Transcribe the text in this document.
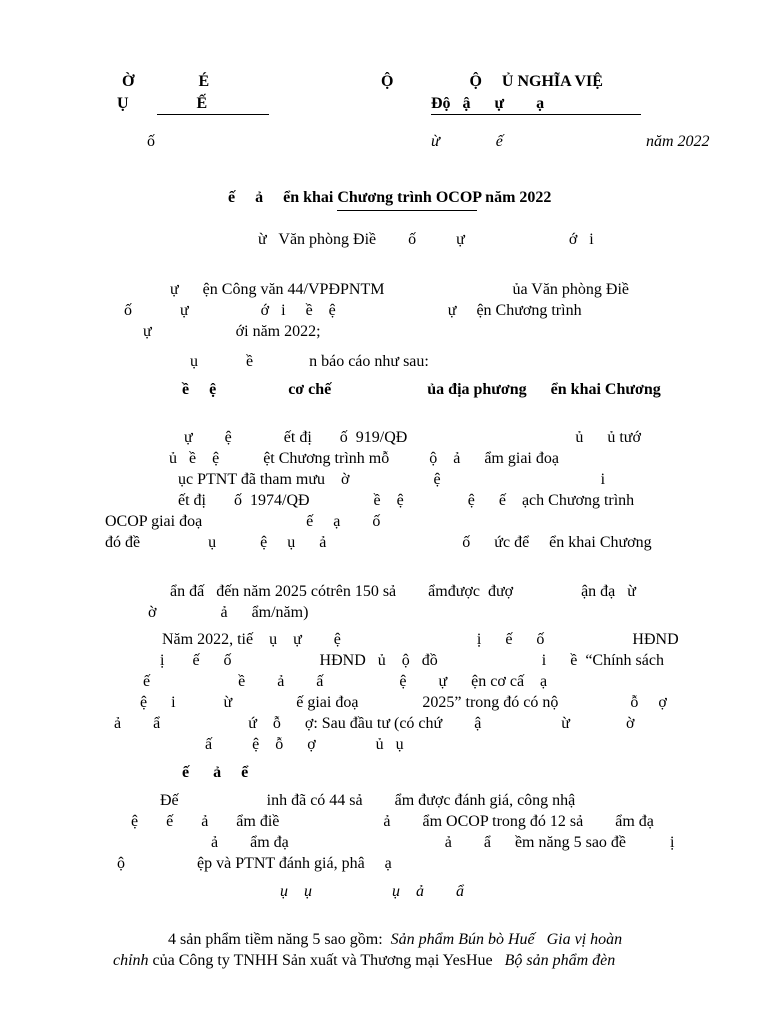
Ờ                É
Ụ                 Ế
Ộ                   Ộ     Ủ NGHĨA VIỆ
Độ   ậ      ự        ạ
ố	ừ              ế	năm 2022
ế     ả     ển khai Chương trình OCOP năm 2022
ừ   Văn phòng Điề        ố          ự                          ớ   i
ự      ện Công văn 44/VPĐPNTM                                ủa Văn phòng Điề
ố            ự                  ớ   i     ề    ệ                            ự     ện Chương trình
ự                     ới năm 2022;
ụ            ề              n báo cáo như sau:
ề     ệ                  cơ chế                        ủa địa phương      ển khai Chương
ự        ệ             ết đị       ố  919/QĐ                                          ủ      ủ tướ
ủ   ề    ệ           ệt Chương trình mỗ          ộ    ả      ẩm giai đoạ
ục PTNT đã tham mưu    ờ                     ệ                                        i
ết đị       ố  1974/QĐ                ề    ệ                ệ      ế    ạch Chương trình
OCOP giai đoạ                          ế     ạ        ố
đó đề                 ụ           ệ     ụ      ả                                  ố      ức để     ển khai Chương
ẩn đấ   đến năm 2025 cótrên 150 sả        ẩmđược  đượ                 ận đạ   ừ
ờ                ả      ẩm/năm)
Năm 2022, tiế    ụ    ự        ệ                                  ị      ế      ố                      HĐND
ị       ế      ố                      HĐND   ủ    ộ   đồ                          i      ề  “Chính sách
ế                      ề        ả        ấ                   ệ        ự      ện cơ cấ    ạ
ệ      i            ừ                ế giai đoạ                2025” trong đó có nộ                  ỗ     ợ
ả        ẩ                      ứ    ỗ      ợ: Sau đầu tư (có chứ        ậ                    ừ              ờ
ấ          ệ    ỗ      ợ               ủ   ụ
ế      ả     ể
Đế                      inh đã có 44 sả        ẩm được đánh giá, công nhậ
ệ       ế       ả       ẩm điề                          ả        ẩm OCOP trong đó 12 sả        ẩm đạ
ả        ẩm đạ                                       ả        ẩ      ềm năng 5 sao đề           ị
ộ                  ệp và PTNT đánh giá, phâ     ạ
ụ    ụ                    ụ    ả        ẩ

4 sản phẩm tiềm năng 5 sao gồm:  Sản phẩm Bún bò Huế   Gia vị hoàn

chỉnh của Công ty TNHH Sản xuất và Thương mại YesHue   Bộ sản phẩm đèn
